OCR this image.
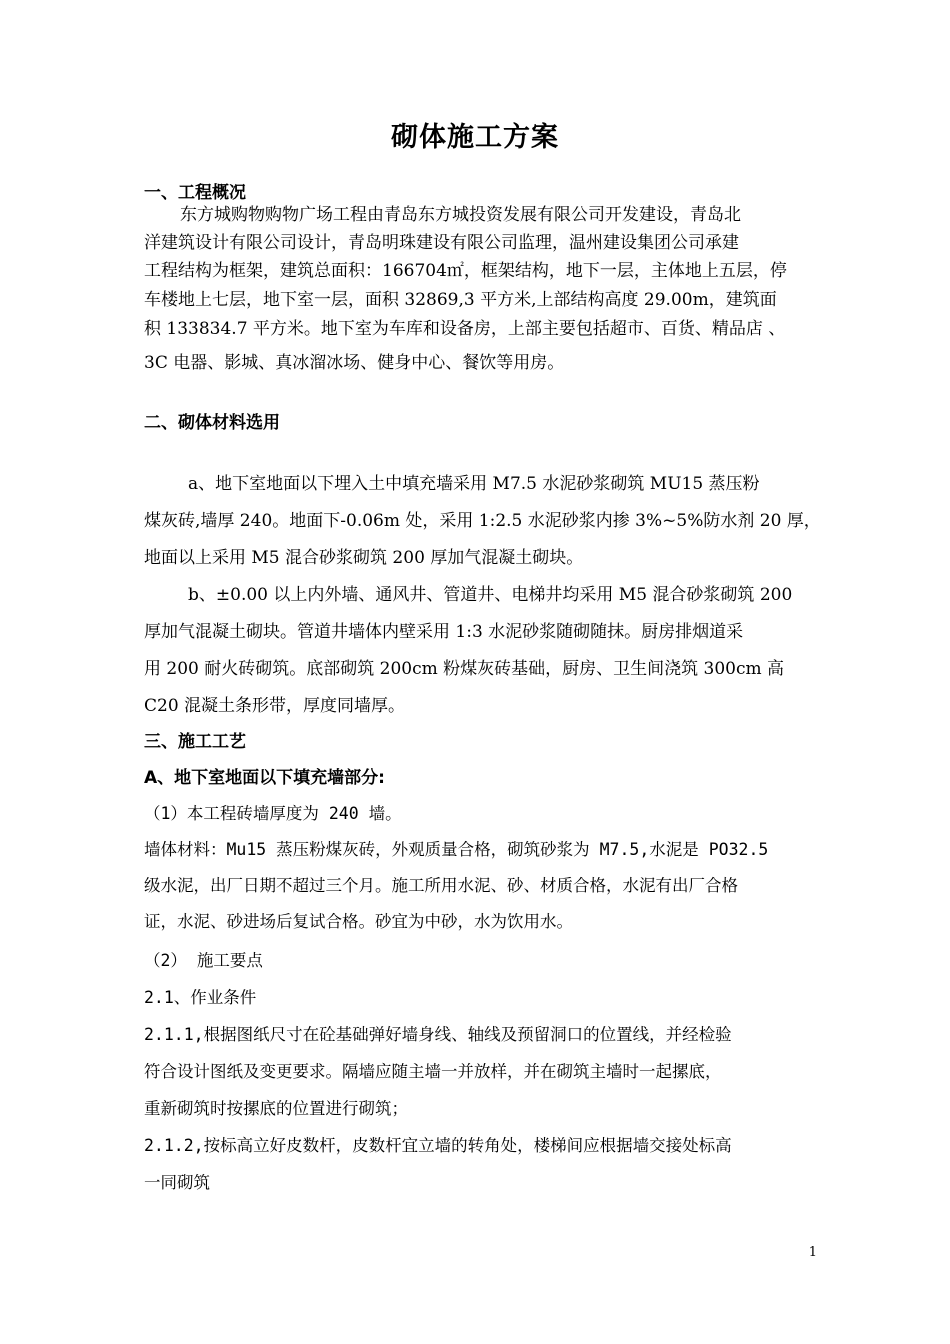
砌体施工方案
一、工程概况
东方城购物购物广场工程由青岛东方城投资发展有限公司开发建设，青岛北
洋建筑设计有限公司设计，青岛明珠建设有限公司监理，温州建设集团公司承建
工程结构为框架，建筑总面积：166704㎡，框架结构，地下一层，主体地上五层，停
车楼地上七层，地下室一层，面积 32869,3 平方米,上部结构高度 29.00m，建筑面
积 133834.7 平方米。地下室为车库和设备房，上部主要包括超市、百货、精品店 、
3C 电器、影城、真冰溜冰场、健身中心、餐饮等用房。
二、砌体材料选用
a、地下室地面以下埋入土中填充墙采用 M7.5 水泥砂浆砌筑 MU15 蒸压粉
煤灰砖,墙厚 240。地面下-0.06m 处，采用 1:2.5 水泥砂浆内掺 3%~5%防水剂 20 厚，
地面以上采用 M5 混合砂浆砌筑 200 厚加气混凝土砌块。
b、±0.00 以上内外墙、通风井、管道井、电梯井均采用 M5 混合砂浆砌筑 200
厚加气混凝土砌块。管道井墙体内壁采用 1:3 水泥砂浆随砌随抹。厨房排烟道采
用 200 耐火砖砌筑。底部砌筑 200cm 粉煤灰砖基础，厨房、卫生间浇筑 300cm 高
C20 混凝土条形带，厚度同墙厚。
三、施工工艺
A、地下室地面以下填充墙部分:
（1）本工程砖墙厚度为 240 墙。
墙体材料：Mu15 蒸压粉煤灰砖，外观质量合格，砌筑砂浆为 M7.5,水泥是 PO32.5
级水泥，出厂日期不超过三个月。施工所用水泥、砂、材质合格，水泥有出厂合格
证，水泥、砂进场后复试合格。砂宜为中砂，水为饮用水。
（2） 施工要点
2.1、作业条件
2.1.1,根据图纸尺寸在砼基础弹好墙身线、轴线及预留洞口的位置线，并经检验
符合设计图纸及变更要求。隔墙应随主墙一并放样，并在砌筑主墙时一起摞底，
重新砌筑时按摞底的位置进行砌筑；
2.1.2,按标高立好皮数杆，皮数杆宜立墙的转角处，楼梯间应根据墙交接处标高
一同砌筑
1
